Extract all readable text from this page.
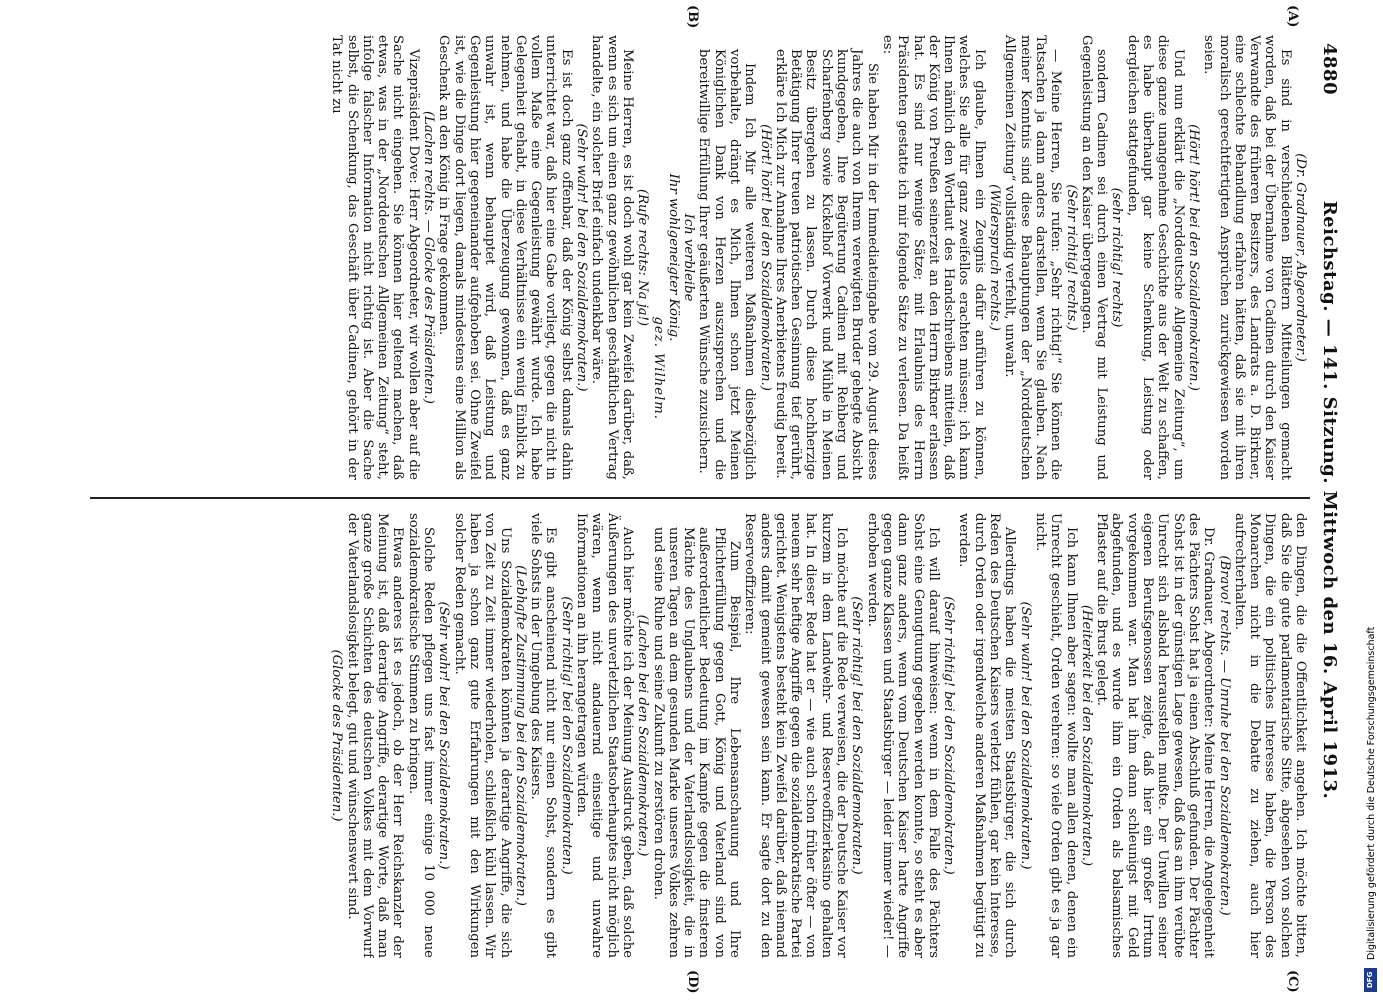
4880
Reichstag. — 141. Sitzung. Mittwoch den 16. April 1913.
(A)
(B)
(C)
(D)

(Dr. Gradnauer, Abgeordneter.)

Es sind in verschiedenen Blättern Mitteilungen gemacht worden, daß bei der Übernahme von Cadinen durch den Kaiser Verwandte des früheren Besitzers, des Landrats a. D. Birkner, eine schlechte Behandlung erfahren hätten, daß sie mit ihren moralisch gerechtfertigten Ansprüchen zurückgewiesen worden seien.

(Hört! hört! bei den Sozialdemokraten.)

Und nun erklärt die „Norddeutsche Allgemeine Zeitung“, um diese ganze unangenehme Geschichte aus der Welt zu schaffen, es habe überhaupt gar keine Schenkung, Leistung oder dergleichen stattgefunden,

(sehr richtig! rechts)

sondern Cadinen sei durch einen Vertrag mit Leistung und Gegenleistung an den Kaiser übergegangen.

(Sehr richtig! rechts.)

— Meine Herren, Sie rufen: „Sehr richtig!“ Sie können die Tatsachen ja dann anders darstellen, wenn Sie glauben. Nach meiner Kenntnis sind diese Behauptungen der „Norddeutschen Allgemeinen Zeitung“ vollständig verfehlt, unwahr.

(Widerspruch rechts.)

Ich glaube, Ihnen ein Zeugnis dafür anführen zu können, welches Sie alle für ganz zweifellos erachten müssen; ich kann Ihnen nämlich den Wortlaut des Handschreibens mitteilen, daß der König von Preußen seinerzeit an den Herrn Birkner erlassen hat. Es sind nur wenige Sätze; mit Erlaubnis des Herrn Präsidenten gestatte ich mir folgende Sätze zu verlesen. Da heißt es:

Sie haben Mir in der Immediateingabe vom 29. August dieses Jahres die auch von Ihrem verewigten Bruder gehegte Absicht kundgegeben, Ihre Begüterung Cadinen mit Rehberg und Scharfenberg sowie Kickelhof Vorwerk und Mühle in Meinen Besitz übergehen zu lassen. Durch diese hochherzige Betätigung Ihrer treuen patriotischen Gesinnung tief gerührt, erkläre Ich Mich zur Annahme Ihres Anerbietens freudig bereit.

(Hört! hört! bei den Sozialdemokraten.)

Indem Ich Mir alle weiteren Maßnahmen diesbezüglich vorbehalte, drängt es Mich, Ihnen schon jetzt Meinen Königlichen Dank von Herzen auszusprechen und die bereitwillige Erfüllung Ihrer geäußerten Wünsche zuzusichern.

Ich verbleibe

Ihr wohlgeneigter König.

gez. Wilhelm.

(Rufe rechts: Na ja!)

Meine Herren, es ist doch wohl gar kein Zweifel darüber, daß, wenn es sich um einen ganz gewöhnlichen geschäftlichen Vertrag handelte, ein solcher Brief einfach undenkbar wäre.

(Sehr wahr! bei den Sozialdemokraten.)

Es ist doch ganz offenbar, daß der König selbst damals dahin unterrichtet war, daß hier eine Gabe vorliegt, gegen die nicht in vollem Maße eine Gegenleistung gewährt wurde. Ich habe Gelegenheit gehabt, in diese Verhältnisse ein wenig Einblick zu nehmen, und habe die Überzeugung gewonnen, daß es ganz unwahr ist, wenn behauptet wird, daß Leistung und Gegenleistung hier gegeneinander aufgehoben sei. Ohne Zweifel ist, wie die Dinge dort liegen, damals mindestens eine Million als Geschenk an den König in Frage gekommen.

(Lachen rechts. — Glocke des Präsidenten.)

Vizepräsident Dove: Herr Abgeordneter, wir wollen aber auf die Sache nicht eingehen. Sie können hier geltend machen, daß etwas, was in der „Norddeutschen Allgemeinen Zeitung“ steht, infolge falscher Information nicht richtig ist. Aber die Sache selbst, die Schenkung, das Geschäft über Cadinen, gehört in der Tat nicht zu

den Dingen, die die Öffentlichkeit angehen. Ich möchte bitten, daß Sie die gute parlamentarische Sitte, abgesehen von solchen Dingen, die ein politisches Interesse haben, die Person des Monarchen nicht in die Debatte zu ziehen, auch hier aufrechterhalten.

(Bravo! rechts. — Unruhe bei den Sozialdemokraten.)

Dr. Gradnauer, Abgeordneter: Meine Herren, die Angelegenheit des Pächters Sohst hat ja einen Abschluß gefunden. Der Pächter Sohst ist in der günstigen Lage gewesen, daß das an ihm verübte Unrecht sich alsbald herausstellen mußte. Der Unwillen seiner eigenen Berufsgenossen zeigte, daß hier ein großer Irrtum vorgekommen war. Man hat ihm dann schleunigst mit Geld abgefunden, und es wurde ihm ein Orden als balsamisches Pflaster auf die Brust gelegt.

(Heiterkeit bei den Sozialdemokraten.)

Ich kann Ihnen aber sagen: wollte man allen denen, denen ein Unrecht geschieht, Orden verehren: so viele Orden gibt es ja gar nicht.

(Sehr wahr! bei den Sozialdemokraten.)

Allerdings haben die meisten Staatsbürger, die sich durch Reden des Deutschen Kaisers verletzt fühlen, gar kein Interesse, durch Orden oder irgendwelche anderen Maßnahmen begütigt zu werden.

(Sehr richtig! bei den Sozialdemokraten.)

Ich will darauf hinweisen: wenn in dem Falle des Pächters Sohst eine Genugtuung gegeben werden konnte, so steht es aber dann ganz anders, wenn vom Deutschen Kaiser harte Angriffe gegen ganze Klassen und Staatsbürger — leider immer wieder! — erhoben werden.

(Sehr richtig! bei den Sozialdemokraten.)

Ich möchte auf die Rede verweisen, die der Deutsche Kaiser vor kurzem in dem Landwehr- und Reserveoffizierkasino gehalten hat. In dieser Rede hat er — wie auch schon früher öfter — von neuem sehr heftige Angriffe gegen die sozialdemokratische Partei gerichtet. Wenigstens besteht kein Zweifel darüber, daß niemand anders damit gemeint gewesen sein kann. Er sagte dort zu den Reserveoffizieren:

Zum Beispiel, Ihre Lebensanschauung und Ihre Pflichterfüllung gegen Gott, König und Vaterland sind von außerordentlicher Bedeutung im Kampfe gegen die finsteren Mächte des Unglaubens und der Vaterlandslosigkeit, die in unseren Tagen an dem gesunden Marke unseres Volkes zehren und seine Ruhe und seine Zukunft zu zerstören drohen.

(Lachen bei den Sozialdemokraten.)

Auch hier möchte ich der Meinung Ausdruck geben, daß solche Äußerungen des unverletzlichen Staatsoberhauptes nicht möglich wären, wenn nicht andauernd einseitige und unwahre Informationen an ihn herangetragen würden.

(Sehr richtig! bei den Sozialdemokraten.)

Es gibt anscheinend nicht nur einen Sohst, sondern es gibt viele Sohsts in der Umgebung des Kaisers.

(Lebhafte Zustimmung bei den Sozialdemokraten.)

Uns Sozialdemokraten könnten ja derartige Angriffe, die sich von Zeit zu Zeit immer wiederholen, schließlich kühl lassen. Wir haben ja schon ganz gute Erfahrungen mit den Wirkungen solcher Reden gemacht.

(Sehr wahr! bei den Sozialdemokraten.)

Solche Reden pflegen uns fast immer einige 10 000 neue sozialdemokratische Stimmen zu bringen.

Etwas anderes ist es jedoch, ob der Herr Reichskanzler der Meinung ist, daß derartige Angriffe, derartige Worte, daß man ganze große Schichten des deutschen Volkes mit dem Vorwurf der Vaterlandslosigkeit belegt, gut und wünschenswert sind.

(Glocke des Präsidenten.)	Digitalisierung gefördert durch die Deutsche Forschungsgemeinschaft
DFG
